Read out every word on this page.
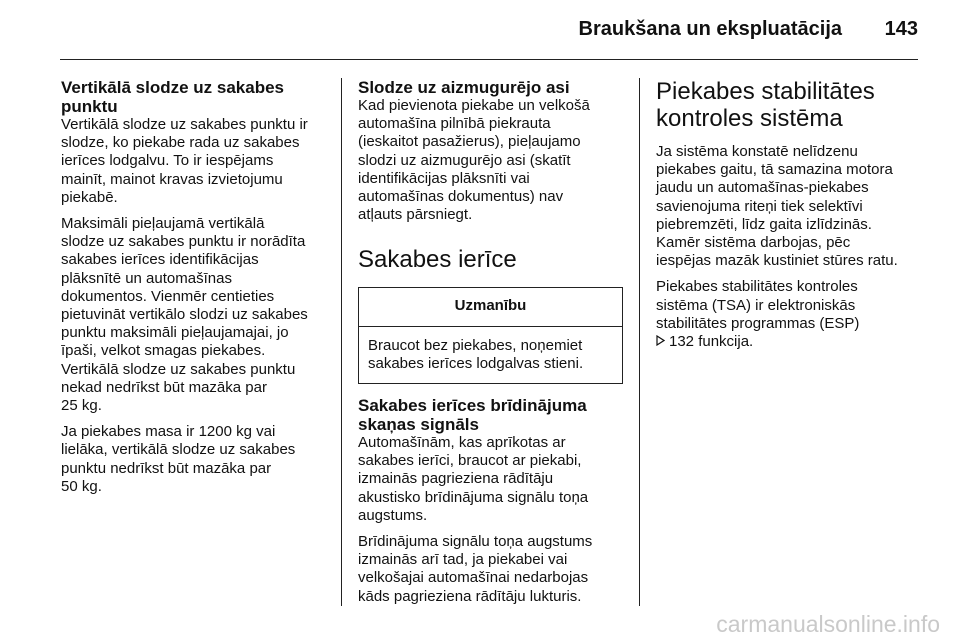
Braukšana un ekspluatācija 143
Vertikālā slodze uz sakabes punktu

Vertikālā slodze uz sakabes punktu ir
slodze, ko piekabe rada uz sakabes
ierīces lodgalvu. To ir iespējams
mainīt, mainot kravas izvietojumu
piekabē.

Maksimāli pieļaujamā vertikālā
slodze uz sakabes punktu ir norādīta
sakabes ierīces identifikācijas
plāksnītē un automašīnas
dokumentos. Vienmēr centieties
pietuvināt vertikālo slodzi uz sakabes
punktu maksimāli pieļaujamajai, jo
īpaši, velkot smagas piekabes.
Vertikālā slodze uz sakabes punktu
nekad nedrīkst būt mazāka par
25 kg.

Ja piekabes masa ir 1200 kg vai
lielāka, vertikālā slodze uz sakabes
punktu nedrīkst būt mazāka par
50 kg.

Slodze uz aizmugurējo asi

Kad pievienota piekabe un velkošā
automašīna pilnībā piekrauta
(ieskaitot pasažierus), pieļaujamo
slodzi uz aizmugurējo asi (skatīt
identifikācijas plāksnīti vai
automašīnas dokumentus) nav
atļauts pārsniegt.

Sakabes ierīce
Uzmanību
Braucot bez piekabes, noņemiet
sakabes ierīces lodgalvas stieni.
Sakabes ierīces brīdinājuma skaņas signāls

Automašīnām, kas aprīkotas ar
sakabes ierīci, braucot ar piekabi,
izmainās pagrieziena rādītāju
akustisko brīdinājuma signālu toņa
augstums.

Brīdinājuma signālu toņa augstums
izmainās arī tad, ja piekabei vai
velkošajai automašīnai nedarbojas
kāds pagrieziena rādītāju lukturis.

Piekabes stabilitātes
kontroles sistēma

Ja sistēma konstatē nelīdzenu
piekabes gaitu, tā samazina motora
jaudu un automašīnas-piekabes
savienojuma riteņi tiek selektīvi
piebremzēti, līdz gaita izlīdzinās.
Kamēr sistēma darbojas, pēc
iespējas mazāk kustiniet stūres ratu.

Piekabes stabilitātes kontroles
sistēma (TSA) ir elektroniskās
stabilitātes programmas (ESP)
132 funkcija.

carmanualsonline.info
